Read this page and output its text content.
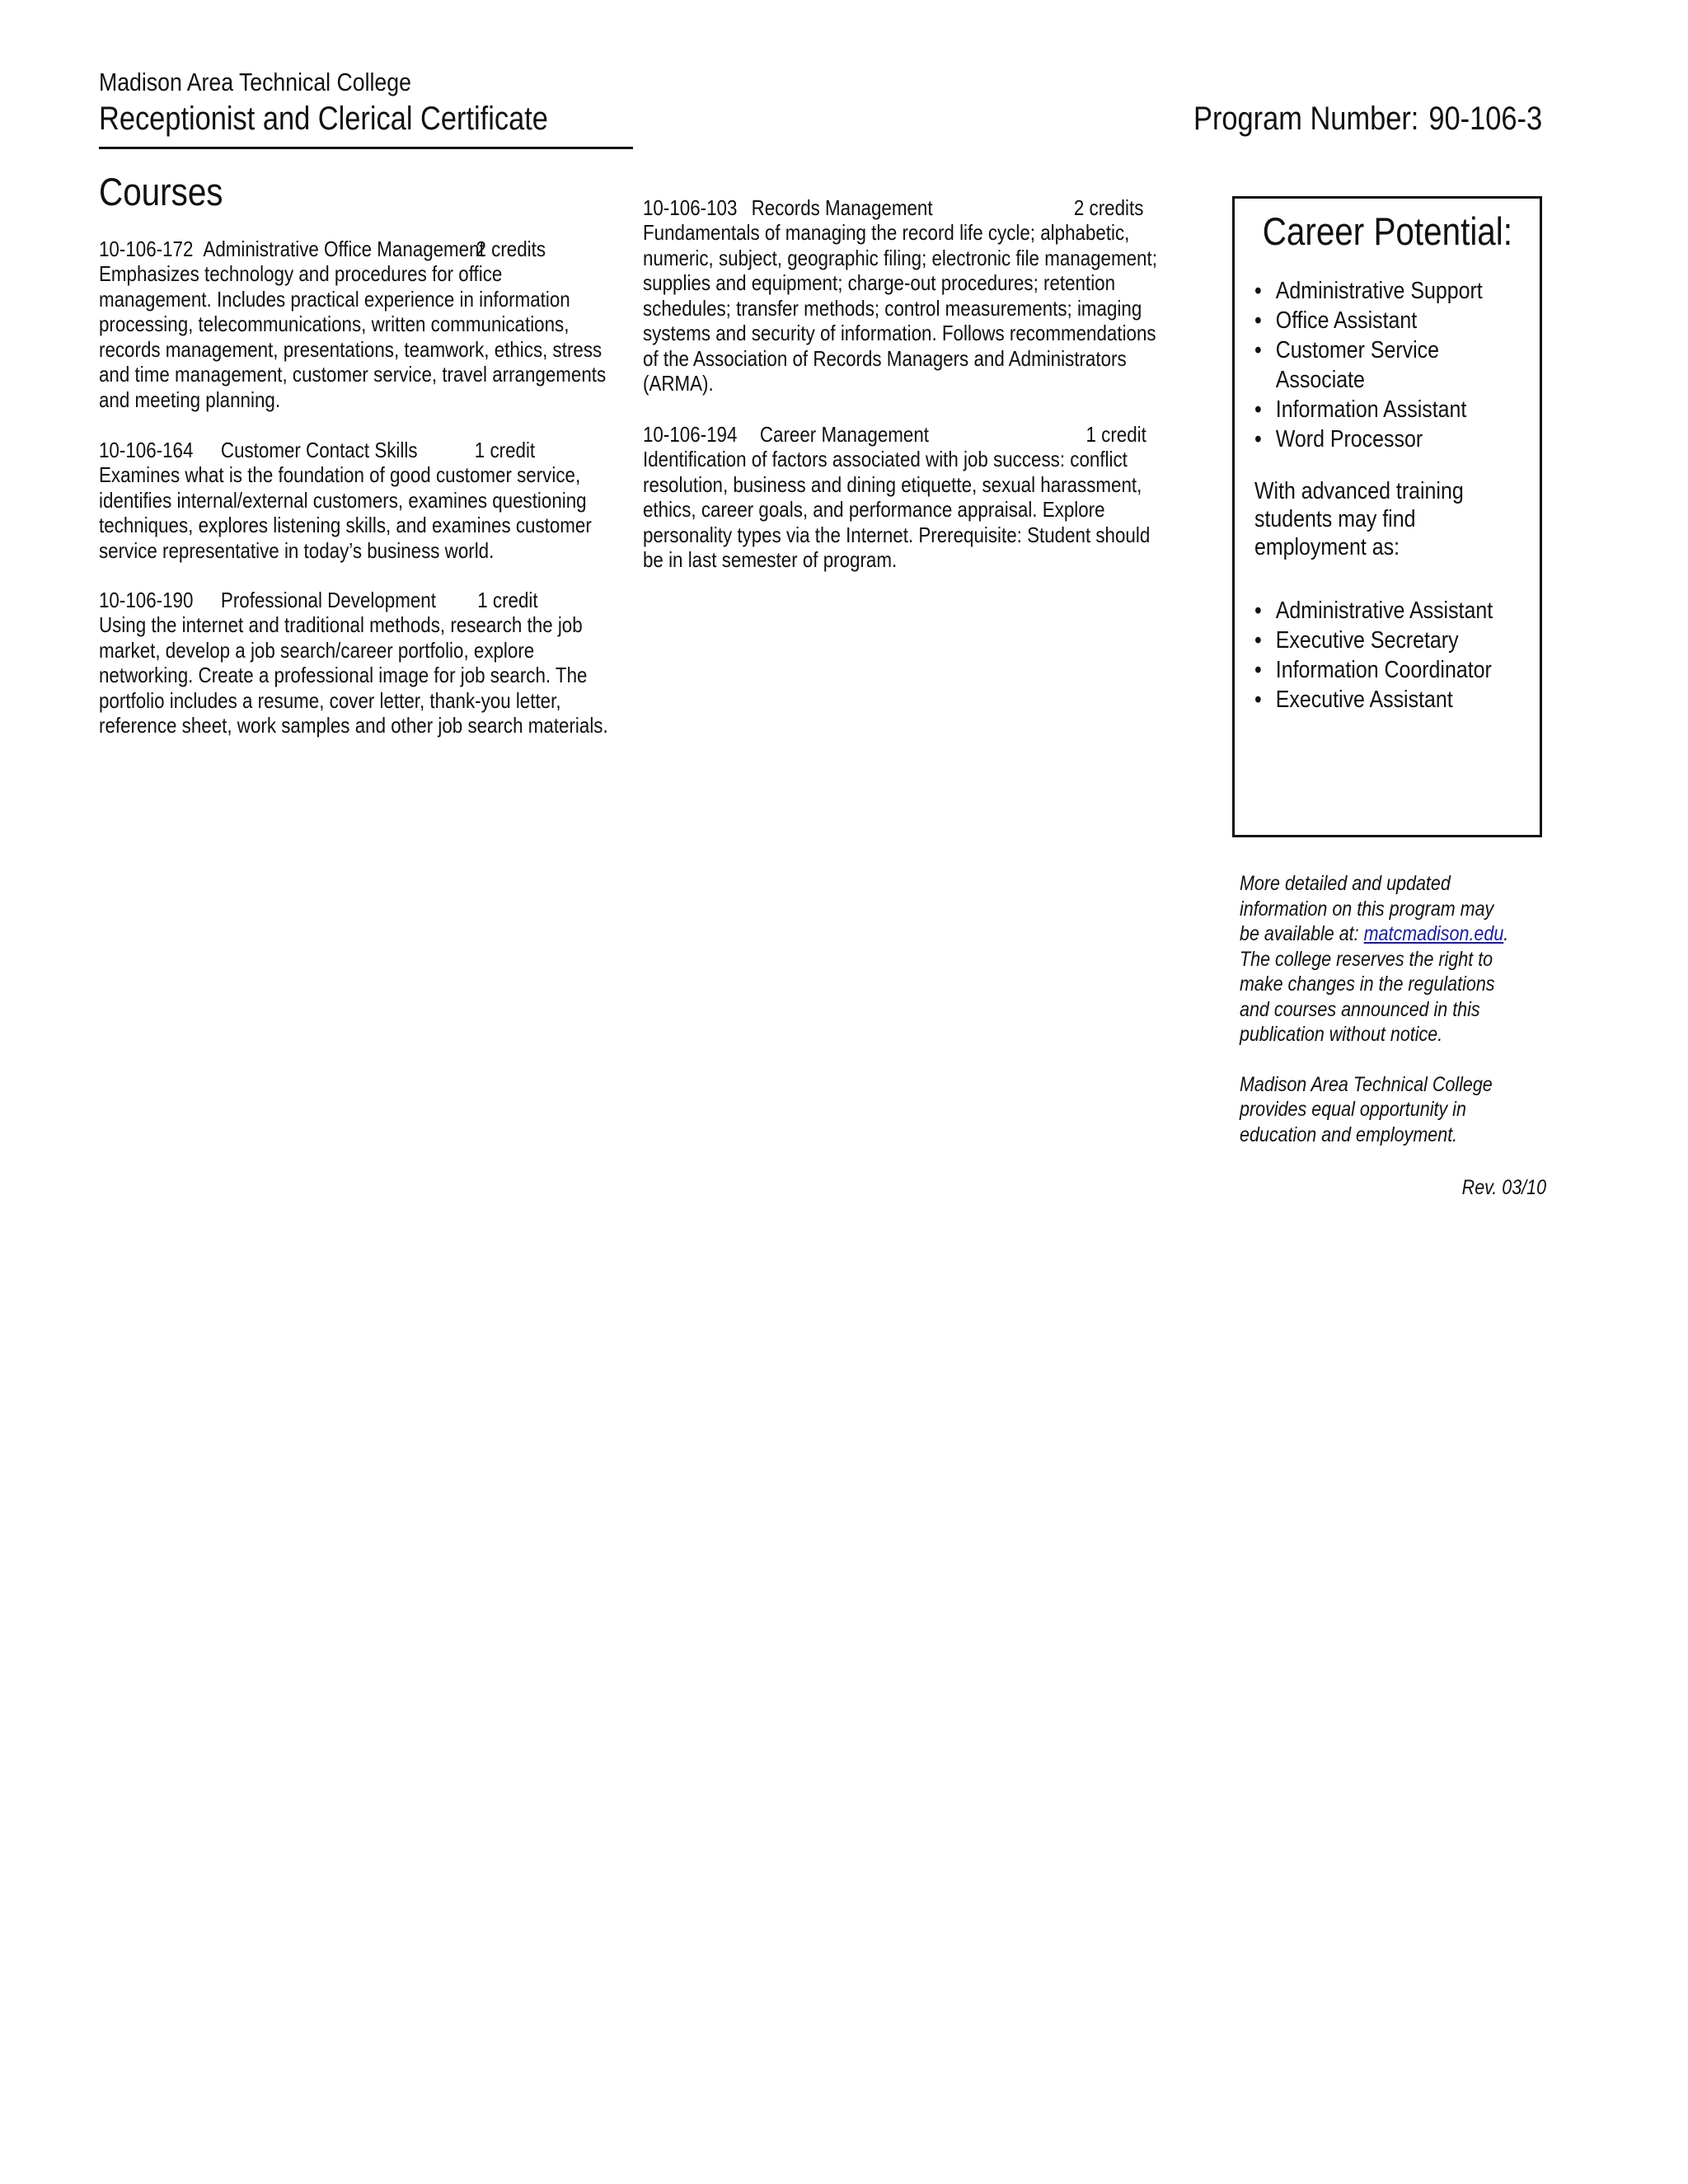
Madison Area Technical College
Receptionist and Clerical Certificate	Program Number: 90-106-3
Courses
10-106-172 Administrative Office Management
2 credits

Emphasizes technology and procedures for office management. Includes practical experience in information processing, telecommunications, written communications, records management, presentations, teamwork, ethics, stress and time management, customer service, travel arrangements and meeting planning.

10-106-164 Customer Contact Skills	1 credit

Examines what is the foundation of good customer service, identifies internal/external customers, examines questioning techniques, explores listening skills, and examines customer service representative in today’s business world.

10-106-190 Professional Development 1 credit

Using the internet and traditional methods, research the job market, develop a job search/career portfolio, explore networking. Create a professional image for job search. The portfolio includes a resume, cover letter, thank-you letter, reference sheet, work samples and other job search materials.

10-106-103 Records Management	2 credits

Fundamentals of managing the record life cycle; alphabetic, numeric, subject, geographic filing; electronic file management; supplies and equipment; charge-out procedures; retention schedules; transfer methods; control measurements; imaging systems and security of information. Follows recommendations of the Association of Records Managers and Administrators (ARMA).

10-106-194 Career Management	1 credit

Identification of factors associated with job success: conflict resolution, business and dining etiquette, sexual harassment, ethics, career goals, and performance appraisal. Explore personality types via the Internet. Prerequisite: Student should be in last semester of program.

Career Potential:
• Administrative Support
• Office Assistant
• Customer Service Associate
• Information Assistant
• Word Processor
With advanced training students may find employment as:
• Administrative Assistant
• Executive Secretary
• Information Coordinator
• Executive Assistant

More detailed and updated information on this program may be available at: matcmadison.edu. The college reserves the right to make changes in the regulations and courses announced in this publication without notice.

Madison Area Technical College provides equal opportunity in education and employment.

Rev. 03/10
